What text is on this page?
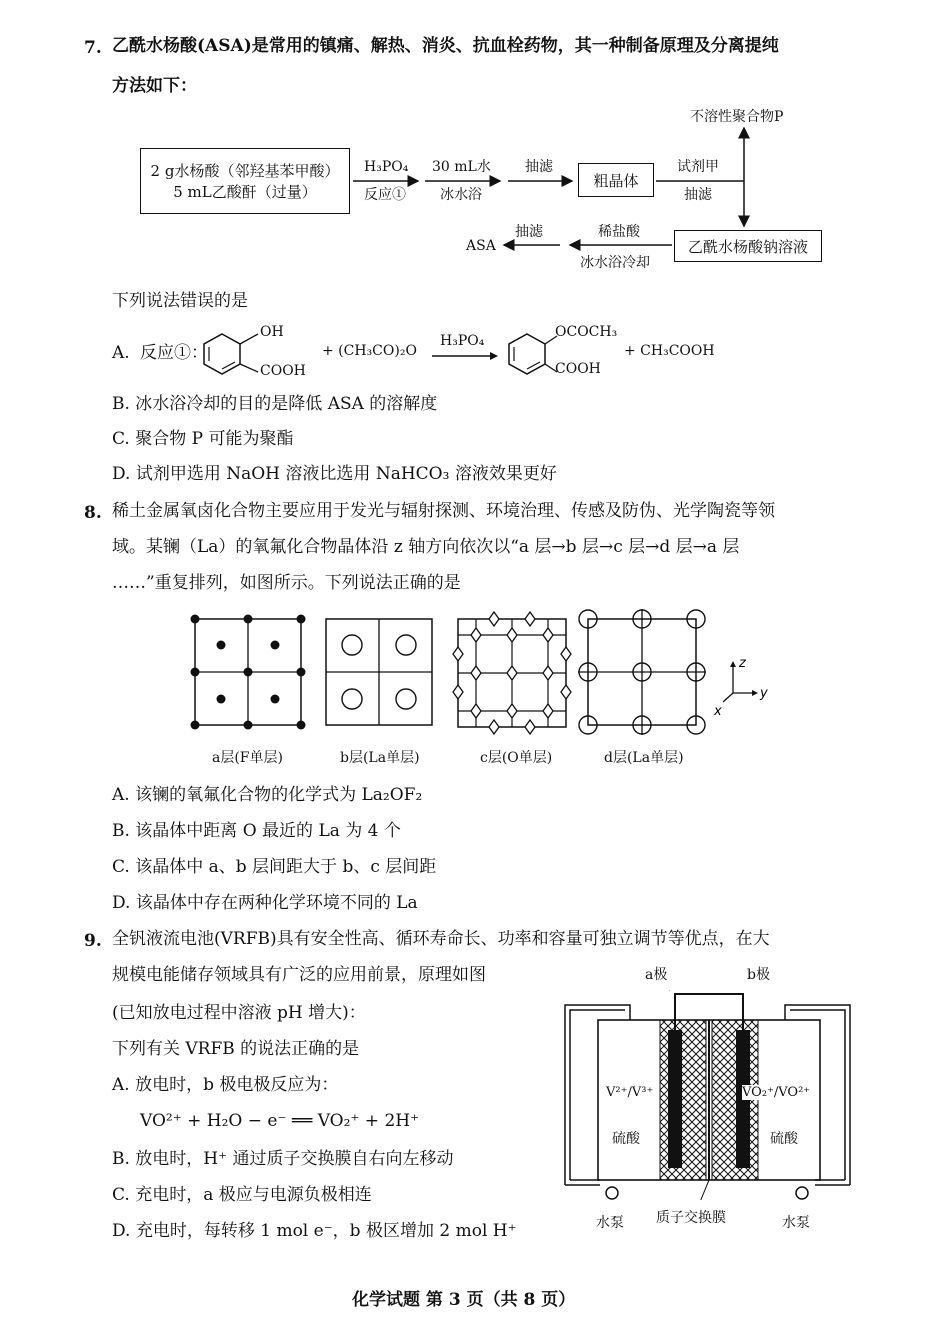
7. 乙酰水杨酸(ASA)是常用的镇痛、解热、消炎、抗血栓药物，其一种制备原理及分离提纯
方法如下：
2 g水杨酸（邻羟基苯甲酸）
5 mL乙酸酐（过量）
H₃PO₄
反应①
30 mL水
冰水浴
抽滤
粗晶体
试剂甲
抽滤
不溶性聚合物P
乙酰水杨酸钠溶液
稀盐酸
冰水浴冷却
抽滤
ASA
下列说法错误的是
A. 反应①：
OH
COOH
+ (CH₃CO)₂O
H₃PO₄
OCOCH₃
COOH
+ CH₃COOH
B. 冰水浴冷却的目的是降低 ASA 的溶解度
C. 聚合物 P 可能为聚酯
D. 试剂甲选用 NaOH 溶液比选用 NaHCO₃ 溶液效果更好
8. 稀土金属氧卤化合物主要应用于发光与辐射探测、环境治理、传感及防伪、光学陶瓷等领
域。某镧（La）的氧氟化合物晶体沿 z 轴方向依次以“a 层→b 层→c 层→d 层→a 层
……”重复排列，如图所示。下列说法正确的是
z
y
x
a层(F单层)	b层(La单层)	c层(O单层)	d层(La单层)
A. 该镧的氧氟化合物的化学式为 La₂OF₂
B. 该晶体中距离 O 最近的 La 为 4 个
C. 该晶体中 a、b 层间距大于 b、c 层间距
D. 该晶体中存在两种化学环境不同的 La
9. 全钒液流电池(VRFB)具有安全性高、循环寿命长、功率和容量可独立调节等优点，在大
规模电能储存领域具有广泛的应用前景，原理如图
(已知放电过程中溶液 pH 增大)：
下列有关 VRFB 的说法正确的是
A. 放电时，b 极电极反应为：
VO²⁺ + H₂O − e⁻ ══ VO₂⁺ + 2H⁺
B. 放电时，H⁺ 通过质子交换膜自右向左移动
C. 充电时，a 极应与电源负极相连
D. 充电时，每转移 1 mol e⁻，b 极区增加 2 mol H⁺
a极	b极
V²⁺/V³⁺	VO₂⁺/VO²⁺
硫酸	硫酸
水泵	水泵
质子交换膜
化学试题 第 3 页（共 8 页）
